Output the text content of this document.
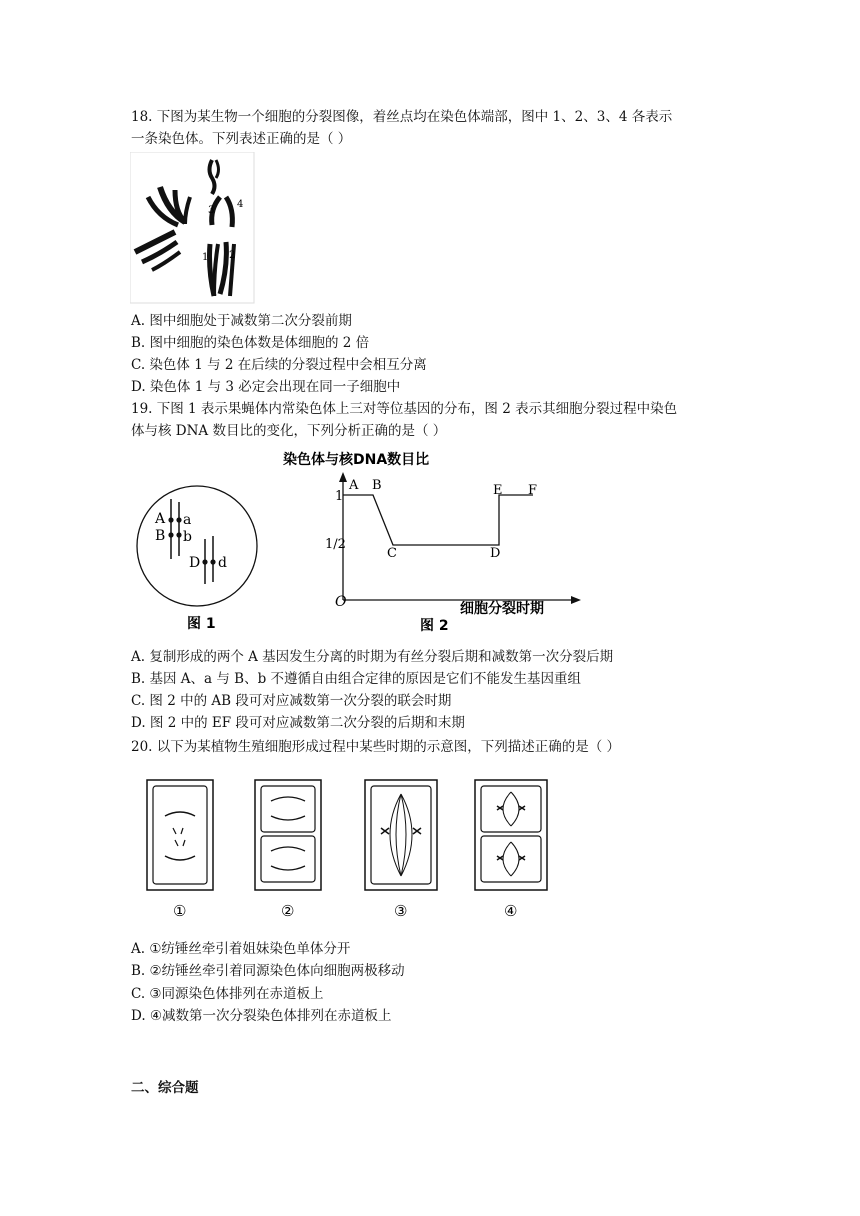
18. 下图为某生物一个细胞的分裂图像，着丝点均在染色体端部，图中 1、2、3、4 各表示
一条染色体。下列表述正确的是（ ）
3
4
1 2
A. 图中细胞处于减数第二次分裂前期
B. 图中细胞的染色体数是体细胞的 2 倍
C. 染色体 1 与 2 在后续的分裂过程中会相互分离
D. 染色体 1 与 3 必定会出现在同一子细胞中
19. 下图 1 表示果蝇体内常染色体上三对等位基因的分布，图 2 表示其细胞分裂过程中染色
体与核 DNA 数目比的变化，下列分析正确的是（ ）
A a
B b
D d
图 1
染色体与核DNA数目比
O
1
1/2
A B
C	D
E F
细胞分裂时期
图 2
A. 复制形成的两个 A 基因发生分离的时期为有丝分裂后期和减数第一次分裂后期
B. 基因 A、a 与 B、b 不遵循自由组合定律的原因是它们不能发生基因重组
C. 图 2 中的 AB 段可对应减数第一次分裂的联会时期
D. 图 2 中的 EF 段可对应减数第二次分裂的后期和末期
20. 以下为某植物生殖细胞形成过程中某些时期的示意图，下列描述正确的是（ ）
①	②	③	④
A. ①纺锤丝牵引着姐妹染色单体分开
B. ②纺锤丝牵引着同源染色体向细胞两极移动
C. ③同源染色体排列在赤道板上
D. ④减数第一次分裂染色体排列在赤道板上
二、综合题
